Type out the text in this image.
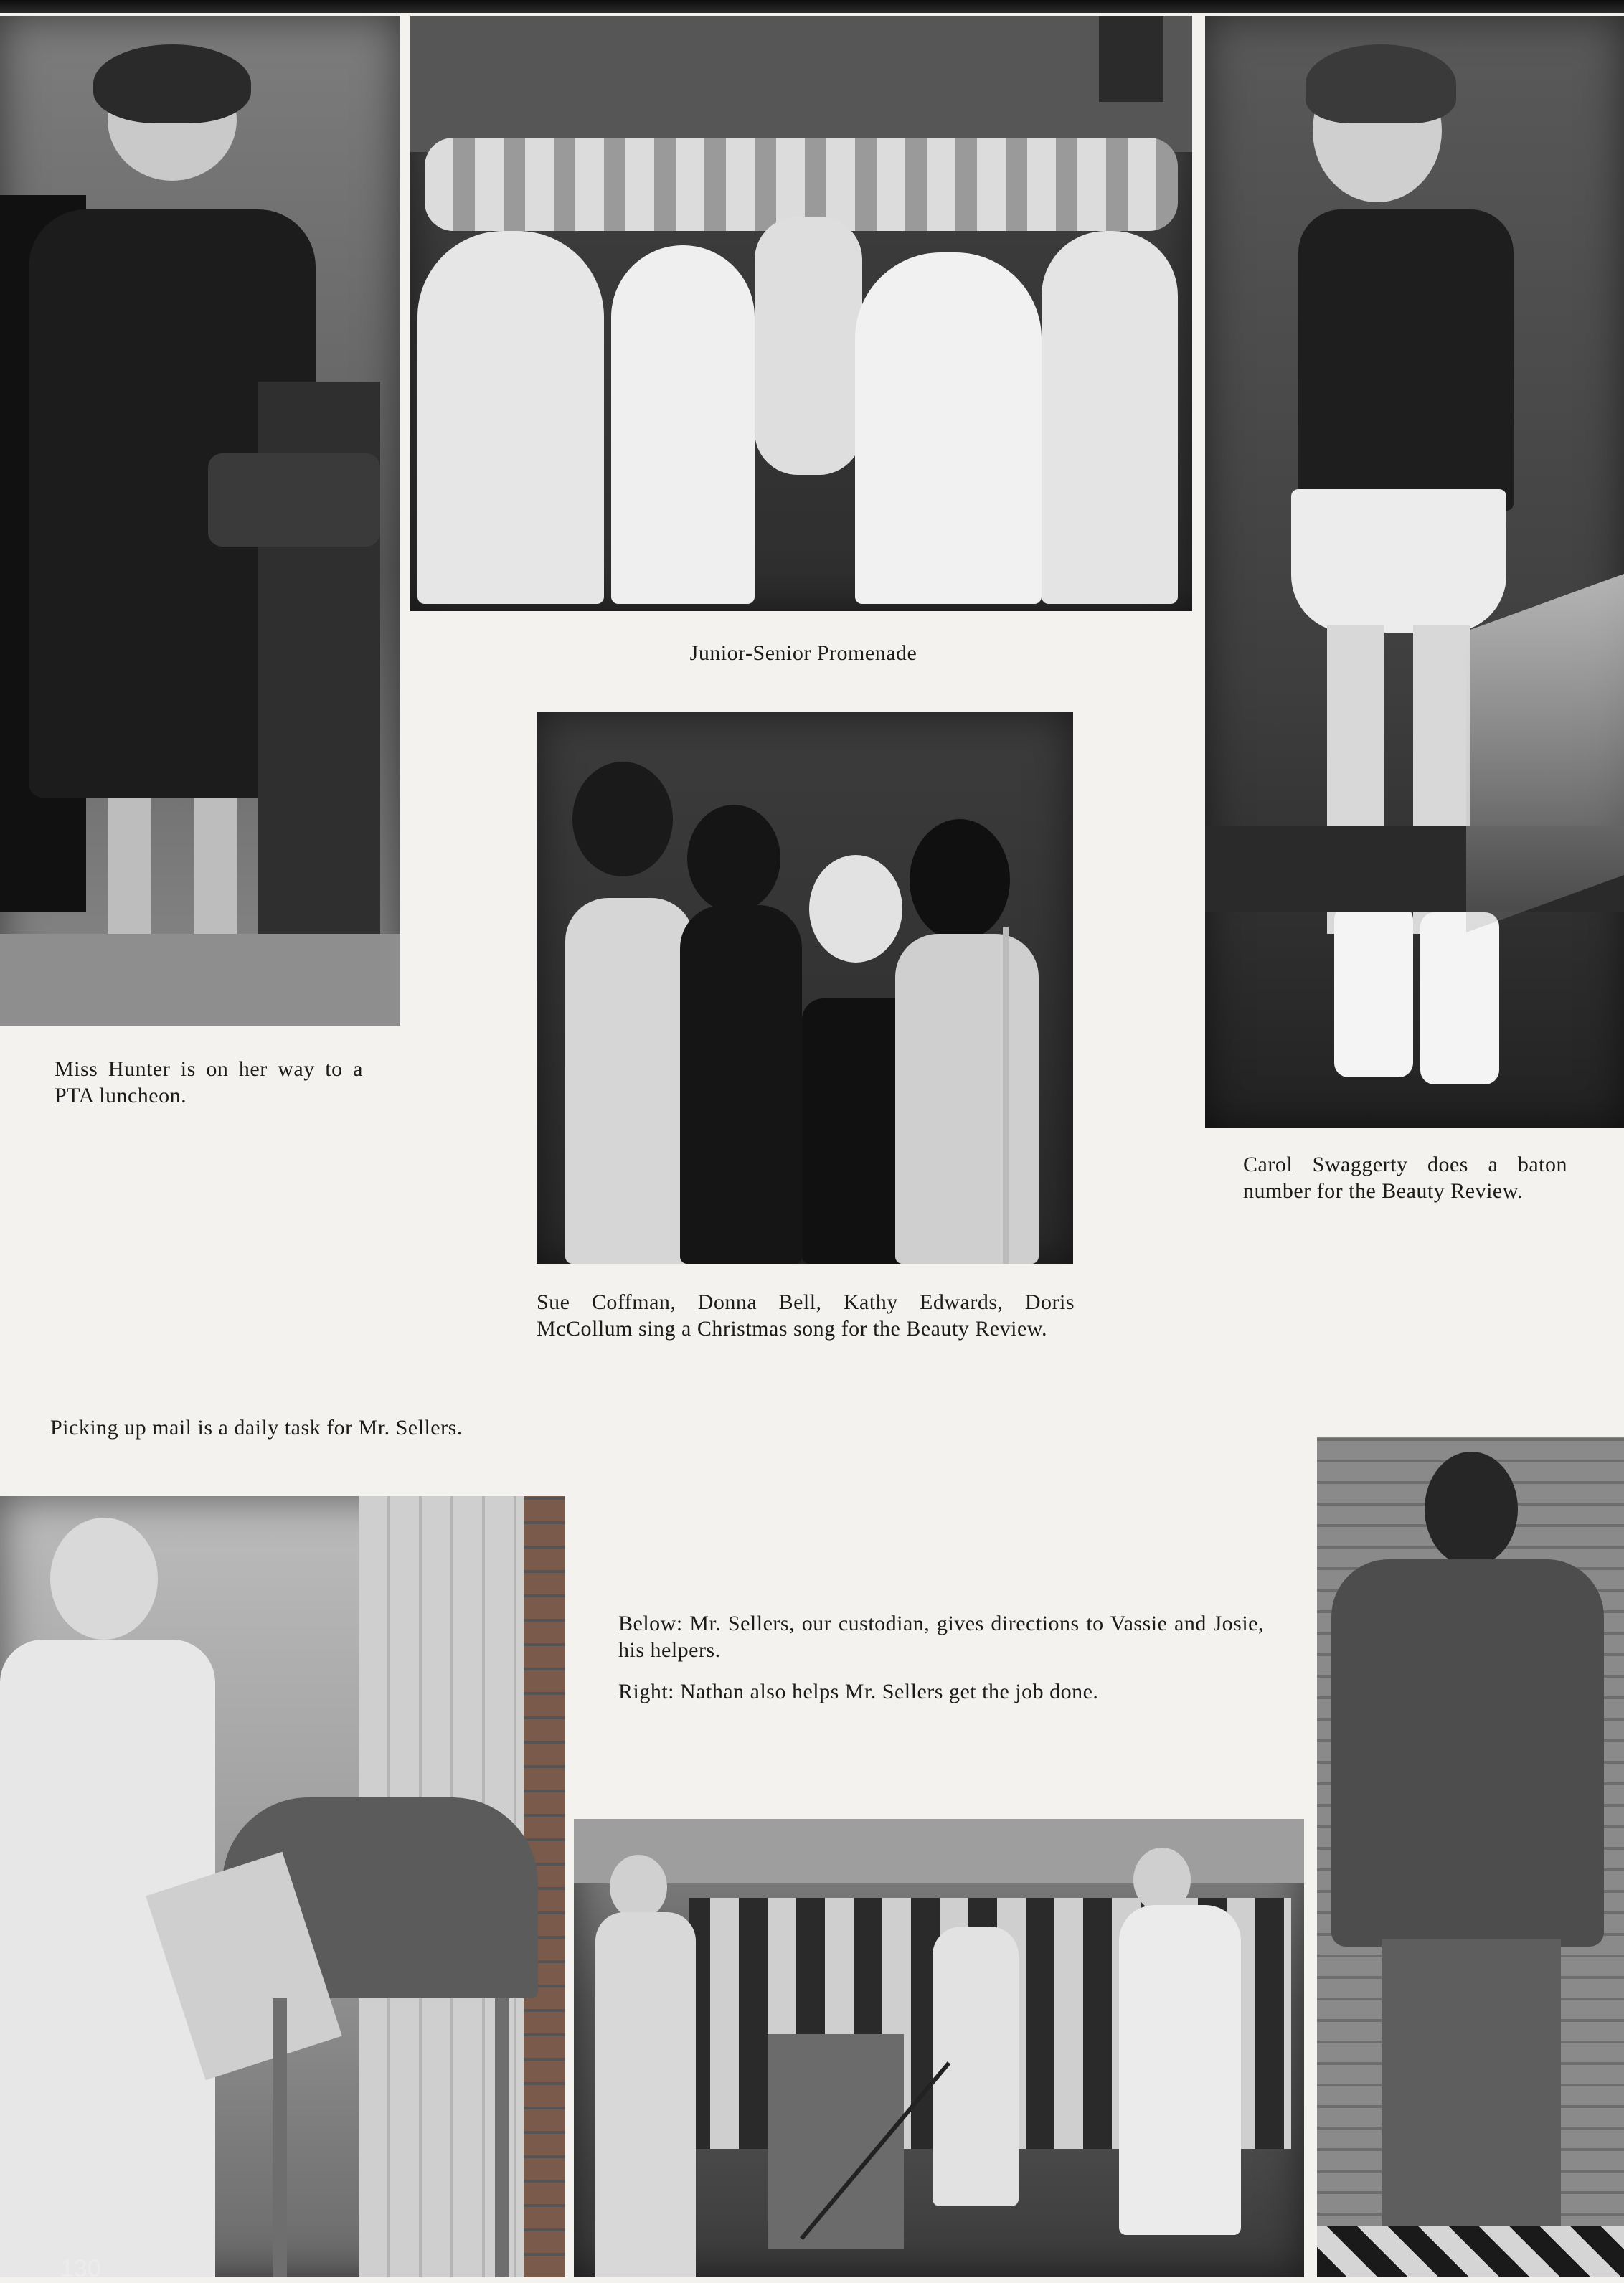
130
Junior-Senior Promenade
Miss Hunter is on her way to a PTA luncheon.
Sue Coffman, Donna Bell, Kathy Edwards, Doris McCollum sing a Christmas song for the Beauty Review.
Carol Swaggerty does a baton number for the Beauty Review.
Picking up mail is a daily task for Mr. Sellers.
Below: Mr. Sellers, our custodian, gives directions to Vassie and Josie, his helpers.
Right: Nathan also helps Mr. Sellers get the job done.
